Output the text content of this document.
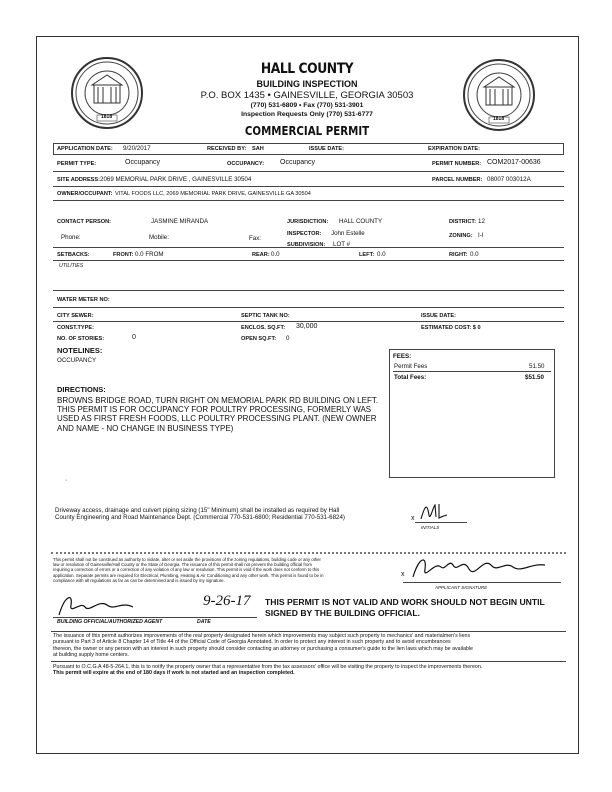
1818	1818
HALL COUNTY
BUILDING INSPECTION
P.O. BOX 1435 • GAINESVILLE, GEORGIA 30503
(770) 531-6809 • Fax (770) 531-3901
Inspection Requests Only (770) 531-6777
COMMERCIAL PERMIT
APPLICATION DATE: 9/20/2017	RECEIVED BY: SAH	ISSUE DATE:	EXPIRATION DATE:
PERMIT TYPE:	Occupancy	OCCUPANCY: Occupancy	PERMIT NUMBER: COM2017-00636
SITE ADDRESS: 2069 MEMORIAL PARK DRIVE , GAINESVILLE 30504	PARCEL NUMBER: 08007 003012A
OWNER/OCCUPANT: VITAL FOODS LLC, 2069 MEMORIAL PARK DRIVE, GAINESVILLE GA 30504
CONTACT PERSON:	JASMINE MIRANDA	JURISDICTION: HALL COUNTY	DISTRICT: 12
Phone:	Mobile:	Fax:
INSPECTOR: John Estelle	ZONING: I-I
SUBDIVISION: LOT #
SETBACKS:	FRONT: 0.0 FROM	REAR: 0.0	LEFT: 0.0	RIGHT: 0.0
UTILITIES
WATER METER NO:
CITY SEWER:	SEPTIC TANK NO:	ISSUE DATE:
CONST.TYPE:	ENCLOS. SQ.FT: 30,000	ESTIMATED COST: $ 0
NO. OF STORIES:	0	OPEN SQ.FT: 0
NOTELINES:
OCCUPANCY
DIRECTIONS:
BROWNS BRIDGE ROAD, TURN RIGHT ON MEMORIAL PARK RD BUILDING ON LEFT.
THIS PERMIT IS FOR OCCUPANCY FOR POULTRY PROCESSING, FORMERLY WAS
USED AS FIRST FRESH FOODS, LLC POULTRY PROCESSING PLANT. (NEW OWNER
AND NAME - NO CHANGE IN BUSINESS TYPE)
FEES:
Permit Fees	51.50
Total Fees:	$51.50
·
Driveway access, drainage and culvert piping sizing (15" Minimum) shall be installed as required by Hall
County Engineering and Road Maintenance Dept. (Commercial 770-531-6800; Residential 770-531-6824)	x
INITIALS
This permit shall not be construed as authority to violate, alter or set aside the provisions of the zoning regulations, building code or any other
law or resolution of Gainesville/Hall County or the State of Georgia. The issuance of this permit shall not prevent the building official from
requiring a correction of errors or a correction of any violation of any law or resolution. This permit is void if the work does not conform to this
application. Separate permits are required for Electrical, Plumbing, Heating & Air Conditioning and any other work. This permit is found to be in
compliance with all regulations as far as can be determined and is issued by my signature.
x
APPLICANT SIGNATURE
9-26-17
BUILDING OFFICIAL/AUTHORIZED AGENT	DATE
THIS PERMIT IS NOT VALID AND WORK SHOULD NOT BEGIN UNTIL
SIGNED BY THE BUILDING OFFICIAL.
The issuance of this permit authorizes improvements of the real property designated herein which improvements may subject such property to mechanics' and materialmen's liens
pursuant to Part 3 of Article 8 Chapter 14 of Title 44 of the Official Code of Georgia Annotated. In order to protect any interest in such property and to avoid encumbrances
thereon, the owner or any person with an interest in such property should consider contacting an attorney or purchasing a consumer's guide to the lien laws which may be available
at building supply home centers.
Pursuant to O.C.G.A 48-5-264.1, this is to notify the property owner that a representative from the tax assessors' office will be visiting the property to inspect the improvements thereon.
This permit will expire at the end of 180 days if work is not started and an inspection completed.
